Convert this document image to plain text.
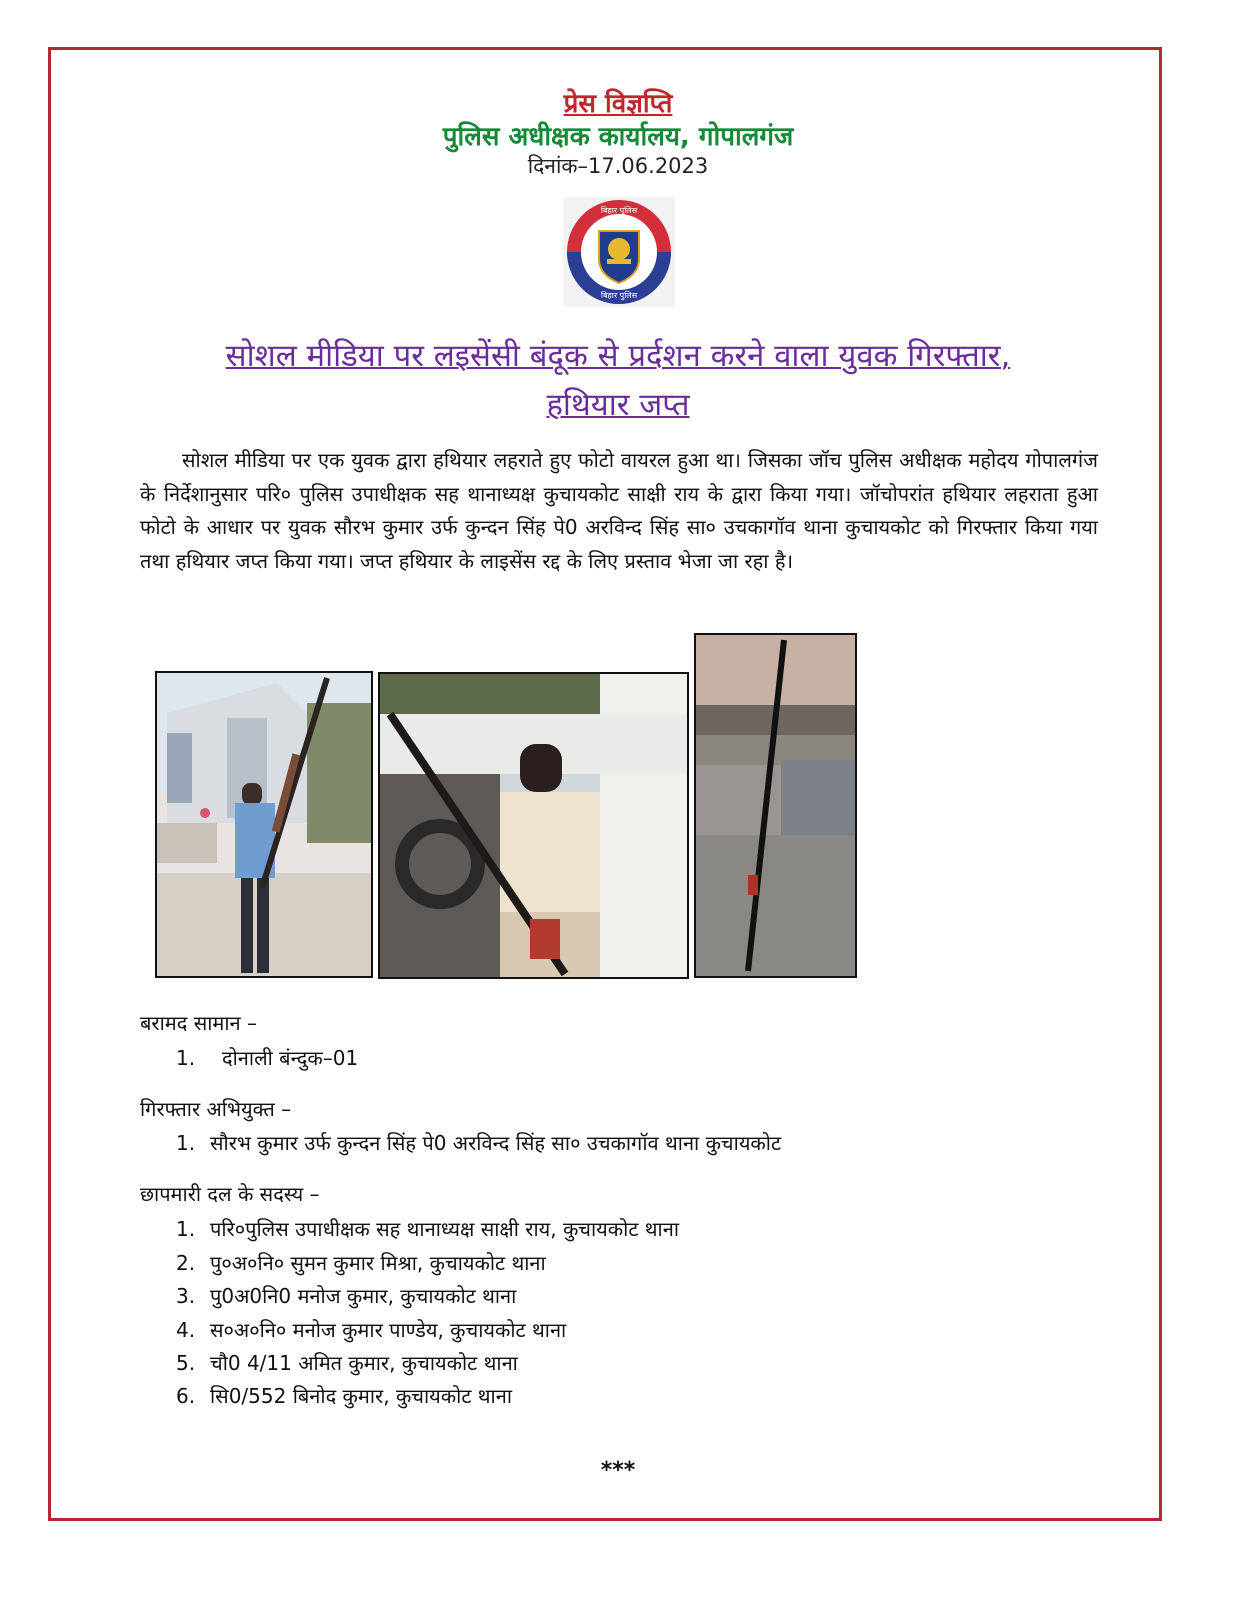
प्रेस विज्ञप्ति
पुलिस अधीक्षक कार्यालय, गोपालगंज
दिनांक–17.06.2023
बिहार पुलिस
बिहार पुलिस
सोशल मीडिया पर लइसेंसी बंदूक से प्रर्दशन करने वाला युवक गिरफ्तार,
हथियार जप्त
सोशल मीडिया पर एक युवक द्वारा हथियार लहराते हुए फोटो वायरल हुआ था। जिसका जॉच पुलिस अधीक्षक महोदय गोपालगंज के निर्देशानुसार परि० पुलिस उपाधीक्षक सह थानाध्यक्ष कुचायकोट साक्षी राय के द्वारा किया गया। जॉचोपरांत हथियार लहराता हुआ फोटो के आधार पर युवक सौरभ कुमार उर्फ कुन्दन सिंह पे0 अरविन्द सिंह सा० उचकागॉव थाना कुचायकोट को गिरफ्तार किया गया तथा हथियार जप्त किया गया। जप्त हथियार के लाइसेंस रद्द के लिए प्रस्ताव भेजा जा रहा है।
बरामद सामान –
1. दोनाली बंन्दुक–01
गिरफ्तार अभियुक्त –
1. सौरभ कुमार उर्फ कुन्दन सिंह पे0 अरविन्द सिंह सा० उचकागॉव थाना कुचायकोट
छापमारी दल के सदस्य –
1. परि०पुलिस उपाधीक्षक सह थानाध्यक्ष साक्षी राय, कुचायकोट थाना
2. पु०अ०नि० सुमन कुमार मिश्रा, कुचायकोट थाना
3. पु0अ0नि0 मनोज कुमार, कुचायकोट थाना
4. स०अ०नि० मनोज कुमार पाण्डेय, कुचायकोट थाना
5. चौ0 4/11 अमित कुमार, कुचायकोट थाना
6. सि0/552 बिनोद कुमार, कुचायकोट थाना
***
